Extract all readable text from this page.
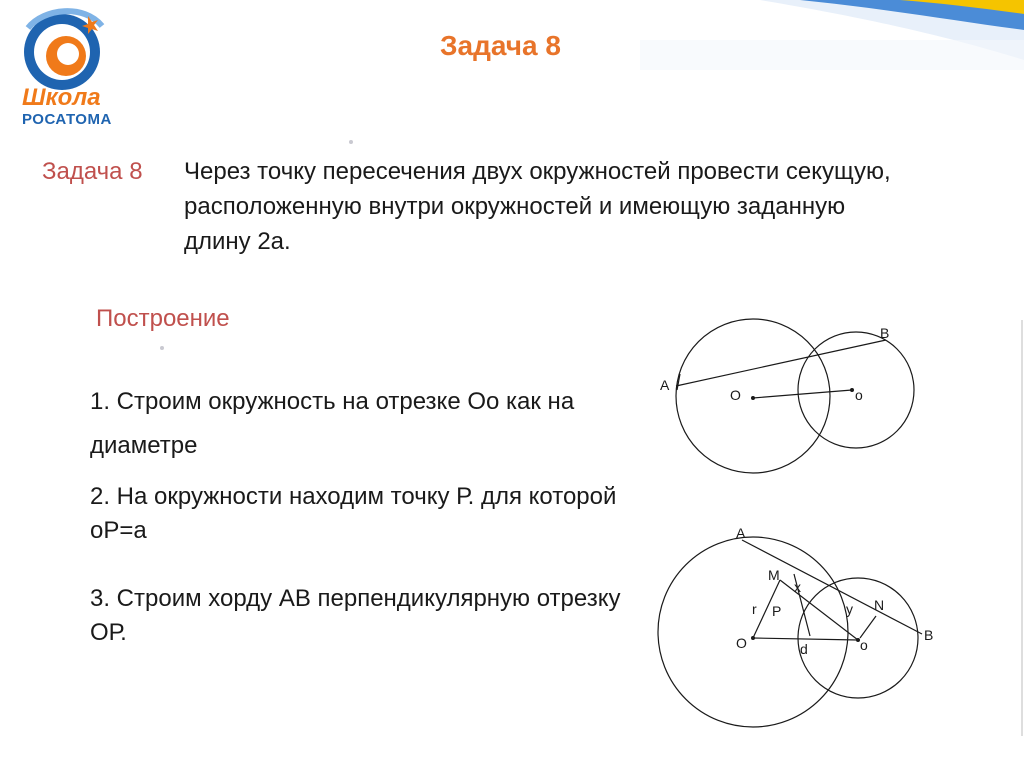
Школа
РОСАТОМА
Задача 8
Задача 8 Через точку пересечения двух окружностей провести секущую, расположенную внутри окружностей и имеющую заданную длину 2а.
Построение
1. Строим окружность на отрезке Оо как на диаметре
2. На окружности находим точку Р. для которой оР=а
3. Строим хорду АВ перпендикулярную отрезку ОР.
A
B
O	o
A
B
M
N
x
y
r P
O	o
d
